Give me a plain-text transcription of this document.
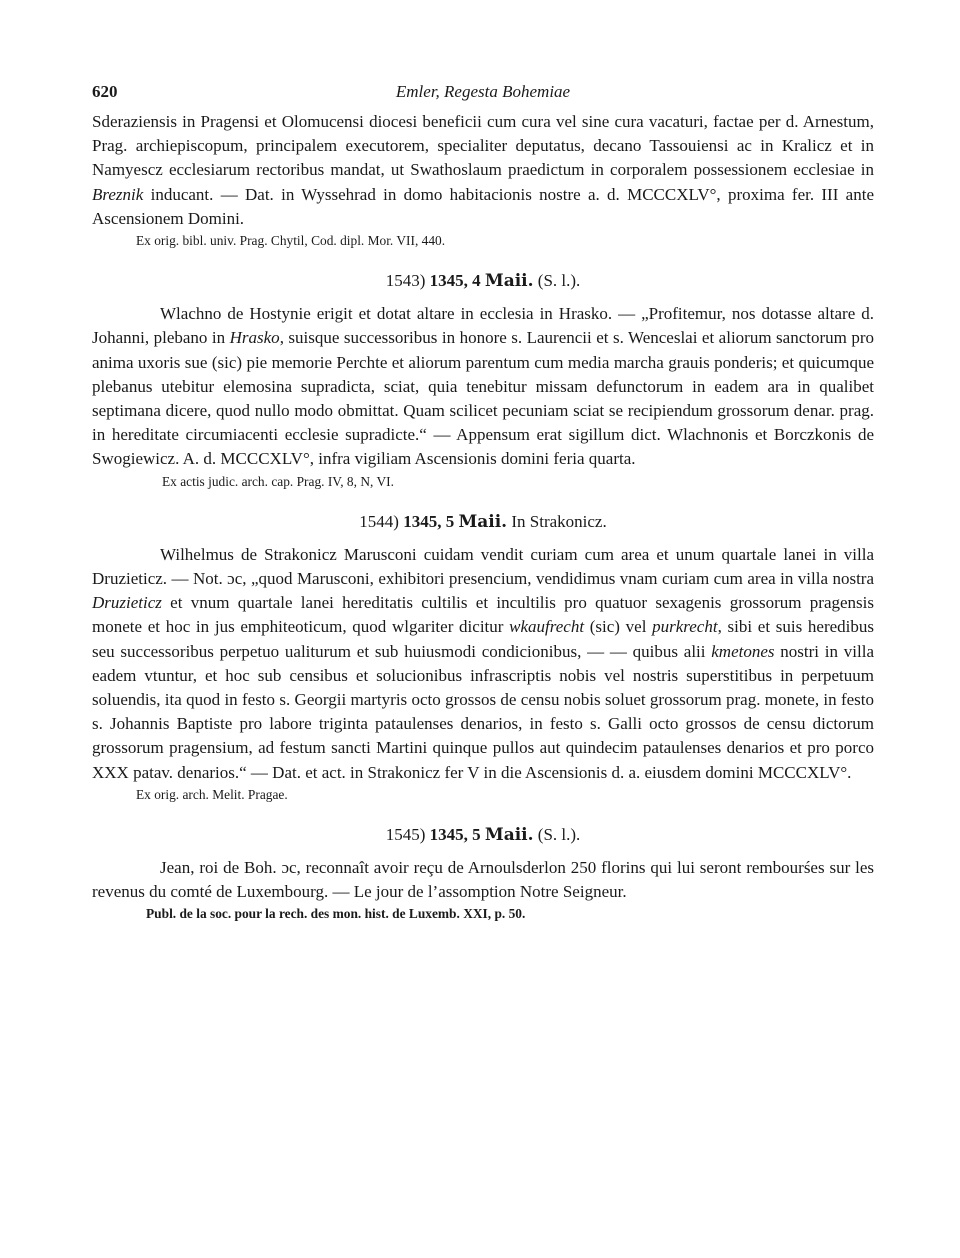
620	Emler, Regesta Bohemiae

Sderaziensis in Pragensi et Olomucensi diocesi beneficii cum cura vel sine cura vacaturi, factae per d. Arnestum, Prag. archiepiscopum, principalem executorem, specialiter deputatus, decano Tassouiensi ac in Kralicz et in Namyescz ecclesiarum rectoribus mandat, ut Swathoslaum praedictum in corporalem possessionem ecclesiae in Breznik inducant. — Dat. in Wyssehrad in domo habitacionis nostre a. d. MCCCXLV°, proxima fer. III ante Ascensionem Domini.

Ex orig. bibl. univ. Prag. Chytil, Cod. dipl. Mor. VII, 440.

1543) 1345, 4 Maii. (S. l.).

Wlachno de Hostynie erigit et dotat altare in ecclesia in Hrasko. — „Profitemur, nos dotasse altare d. Johanni, plebano in Hrasko, suisque successoribus in honore s. Laurencii et s. Wenceslai et aliorum sanctorum pro anima uxoris sue (sic) pie memorie Perchte et aliorum parentum cum media marcha grauis ponderis; et quicumque plebanus utebitur elemosina supradicta, sciat, quia tenebitur missam defunctorum in eadem ara in qualibet septimana dicere, quod nullo modo obmittat. Quam scilicet pecuniam sciat se recipiendum grossorum denar. prag. in hereditate circumiacenti ecclesie supradicte.“ — Appensum erat sigillum dict. Wlachnonis et Borczkonis de Swogiewicz. A. d. MCCCXLV°, infra vigiliam Ascensionis domini feria quarta.

Ex actis judic. arch. cap. Prag. IV, 8, N, VI.

1544) 1345, 5 Maii. In Strakonicz.

Wilhelmus de Strakonicz Marusconi cuidam vendit curiam cum area et unum quartale lanei in villa Druzieticz. — Not. ɔc, „quod Marusconi, exhibitori presencium, vendidimus vnam curiam cum area in villa nostra Druzieticz et vnum quartale lanei hereditatis cultilis et incultilis pro quatuor sexagenis grossorum pragensis monete et hoc in jus emphiteoticum, quod wlgariter dicitur wkaufrecht (sic) vel purkrecht, sibi et suis heredibus seu successoribus perpetuo ualiturum et sub huiusmodi condicionibus, — — quibus alii kmetones nostri in villa eadem vtuntur, et hoc sub censibus et solucionibus infrascriptis nobis vel nostris superstitibus in perpetuum soluendis, ita quod in festo s. Georgii martyris octo grossos de censu nobis soluet grossorum prag. monete, in festo s. Johannis Baptiste pro labore triginta pataulenses denarios, in festo s. Galli octo grossos de censu dictorum grossorum pragensium, ad festum sancti Martini quinque pullos aut quindecim pataulenses denarios et pro porco XXX patav. denarios.“ — Dat. et act. in Strakonicz fer V in die Ascensionis d. a. eiusdem domini MCCCXLV°.

Ex orig. arch. Melit. Pragae.

1545) 1345, 5 Maii. (S. l.).

Jean, roi de Boh. ɔc, reconnaît avoir reçu de Arnoulsderlon 250 florins qui lui seront rembourśes sur les revenus du comté de Luxembourg. — Le jour de l’assomption Notre Seigneur.

Publ. de la soc. pour la rech. des mon. hist. de Luxemb. XXI, p. 50.
